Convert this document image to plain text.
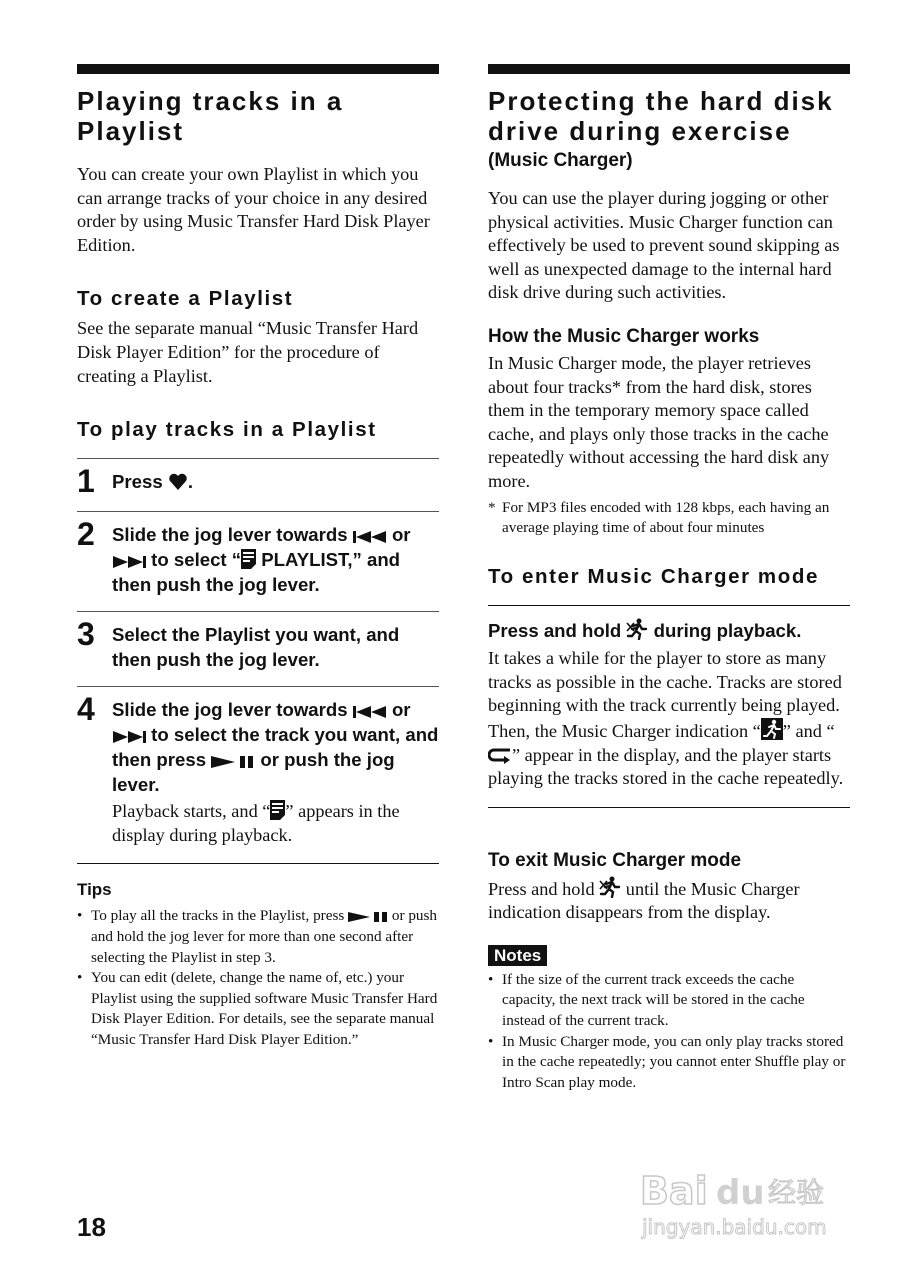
Playing tracks in a Playlist

You can create your own Playlist in which you can arrange tracks of your choice in any desired order by using Music Transfer Hard Disk Player Edition.

To create a Playlist

See the separate manual “Music Transfer Hard Disk Player Edition” for the procedure of creating a Playlist.

To play tracks in a Playlist
1 Press .

2 Slide the jog lever towards or
to select “ PLAYLIST,” and then push the jog lever.

3 Select the Playlist you want, and then push the jog lever.

4 Slide the jog lever towards or
to select the track you want, and then press	or push the jog lever.

Playback starts, and “ ” appears in the display during playback.

Tips
• To play all the tracks in the Playlist, press	or push and hold the jog lever for more than one second after selecting the Playlist in step 3.
• You can edit (delete, change the name of, etc.) your Playlist using the supplied software Music Transfer Hard Disk Player Edition. For details, see the separate manual “Music Transfer Hard Disk Player Edition.”
Protecting the hard disk drive during exercise
(Music Charger)

You can use the player during jogging or other physical activities. Music Charger function can effectively be used to prevent sound skipping as well as unexpected damage to the internal hard disk drive during such activities.

How the Music Charger works

In Music Charger mode, the player retrieves about four tracks* from the hard disk, stores them in the temporary memory space called cache, and plays only those tracks in the cache repeatedly without accessing the hard disk any more.

* For MP3 files encoded with 128 kbps, each having an average playing time of about four minutes

To enter Music Charger mode

Press and hold during playback.

It takes a while for the player to store as many tracks as possible in the cache. Tracks are stored beginning with the track currently being played.

Then, the Music Charger indication “ ” and “” appear in the display, and the player starts playing the tracks stored in the cache repeatedly.

To exit Music Charger mode

Press and hold until the Music Charger indication disappears from the display.

Notes
• If the size of the current track exceeds the cache capacity, the next track will be stored in the cache instead of the current track.
• In Music Charger mode, you can only play tracks stored in the cache repeatedly; you cannot enter Shuffle play or Intro Scan play mode.
18
Bai du 经验
jingyan.baidu.com
